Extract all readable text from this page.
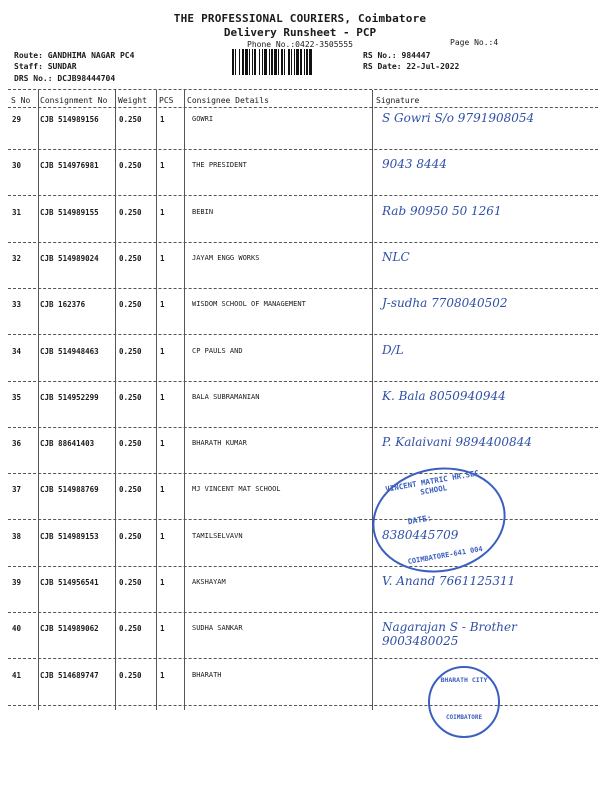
THE PROFESSIONAL COURIERS, Coimbatore
Delivery Runsheet - PCP
Phone No.:0422-3505555	Page No.:4
Route: GANDHIMA NAGAR PC4
Staff: SUNDAR
DRS No.: DCJB98444704
RS No.: 984447
RS Date: 22-Jul-2022
S No Consignment No Weight PCS Consignee Details	Signature
29	CJB 514989156	0.250 1	GOWRI	S Gowri S/o 9791908054
30	CJB 514976981	0.250 1	THE PRESIDENT	9043 8444
31	CJB 514989155	0.250 1	BEBIN	Rab 90950 50 1261
32	CJB 514989024	0.250 1	JAYAM ENGG WORKS	NLC
33	CJB 162376	0.250 1	WISDOM SCHOOL OF MANAGEMENT	J-sudha 7708040502
34	CJB 514948463	0.250 1	CP PAULS AND	D/L
35	CJB 514952299	0.250 1	BALA SUBRAMANIAN	K. Bala 8050940944
36	CJB 88641403	0.250 1	BHARATH KUMAR	P. Kalaivani 9894400844
37	CJB 514988769	0.250 1	MJ VINCENT MAT SCHOOL
38	CJB 514989153	0.250 1	TAMILSELVAVN	8380445709
39	CJB 514956541	0.250 1	AKSHAYAM	V. Anand 7661125311
40	CJB 514989062	0.250 1	SUDHA SANKAR	Nagarajan S - Brother 9003480025
41	CJB 514689747	0.250 1	BHARATH
VINCENT MATRIC HR.SEC SCHOOL
DATE:
COIMBATORE-641 004
BHARATH CITY
COIMBATORE
